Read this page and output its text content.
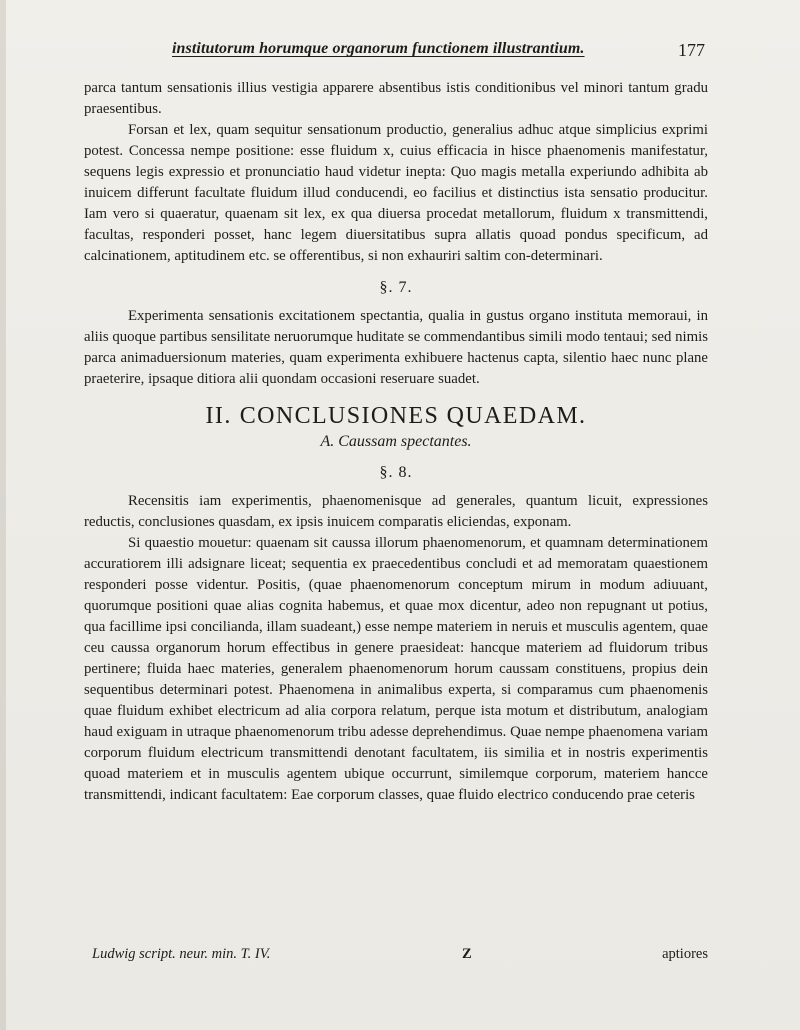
institutorum horumque organorum functionem illustrantium.	177

parca tantum sensationis illius vestigia apparere absentibus istis conditionibus vel minori tantum gradu praesentibus.

Forsan et lex, quam sequitur sensationum productio, generalius adhuc atque simplicius exprimi potest. Concessa nempe positione: esse fluidum x, cuius efficacia in hisce phaenomenis manifestatur, sequens legis expressio et pronunciatio haud videtur inepta: Quo magis metalla experiundo adhibita ab inuicem differunt facultate fluidum illud conducendi, eo facilius et distinctius ista sensatio producitur. Iam vero si quaeratur, quaenam sit lex, ex qua diuersa procedat metallorum, fluidum x transmittendi, facultas, responderi posset, hanc legem diuersitatibus supra allatis quoad pondus specificum, ad calcinationem, aptitudinem etc. se offerentibus, si non exhauriri saltim con-determinari.

§. 7.

Experimenta sensationis excitationem spectantia, qualia in gustus organo instituta memoraui, in aliis quoque partibus sensilitate neruorumque huditate se commendantibus simili modo tentaui; sed nimis parca animaduersionum materies, quam experimenta exhibuere hactenus capta, silentio haec nunc plane praeterire, ipsaque ditiora alii quondam occasioni reseruare suadet.

II. CONCLUSIONES QUAEDAM.
A. Caussam spectantes.
§. 8.

Recensitis iam experimentis, phaenomenisque ad generales, quantum licuit, expressiones reductis, conclusiones quasdam, ex ipsis inuicem comparatis eliciendas, exponam.

Si quaestio mouetur: quaenam sit caussa illorum phaenomenorum, et quamnam determinationem accuratiorem illi adsignare liceat; sequentia ex praecedentibus concludi et ad memoratam quaestionem responderi posse videntur. Positis, (quae phaenomenorum conceptum mirum in modum adiuuant, quorumque positioni quae alias cognita habemus, et quae mox dicentur, adeo non repugnant ut potius, qua facillime ipsi concilianda, illam suadeant,) esse nempe materiem in neruis et musculis agentem, quae ceu caussa organorum horum effectibus in genere praesideat: hancque materiem ad fluidorum tribus pertinere; fluida haec materies, generalem phaenomenorum horum caussam constituens, propius dein sequentibus determinari potest. Phaenomena in animalibus experta, si comparamus cum phaenomenis quae fluidum exhibet electricum ad alia corpora relatum, perque ista motum et distributum, analogiam haud exiguam in utraque phaenomenorum tribu adesse deprehendimus. Quae nempe phaenomena variam corporum fluidum electricum transmittendi denotant facultatem, iis similia et in nostris experimentis quoad materiem et in musculis agentem ubique occurrunt, similemque corporum, materiem hancce transmittendi, indicant facultatem: Eae corporum classes, quae fluido electrico conducendo prae ceteris

Ludwig script. neur. min. T. IV.	Z	aptiores
